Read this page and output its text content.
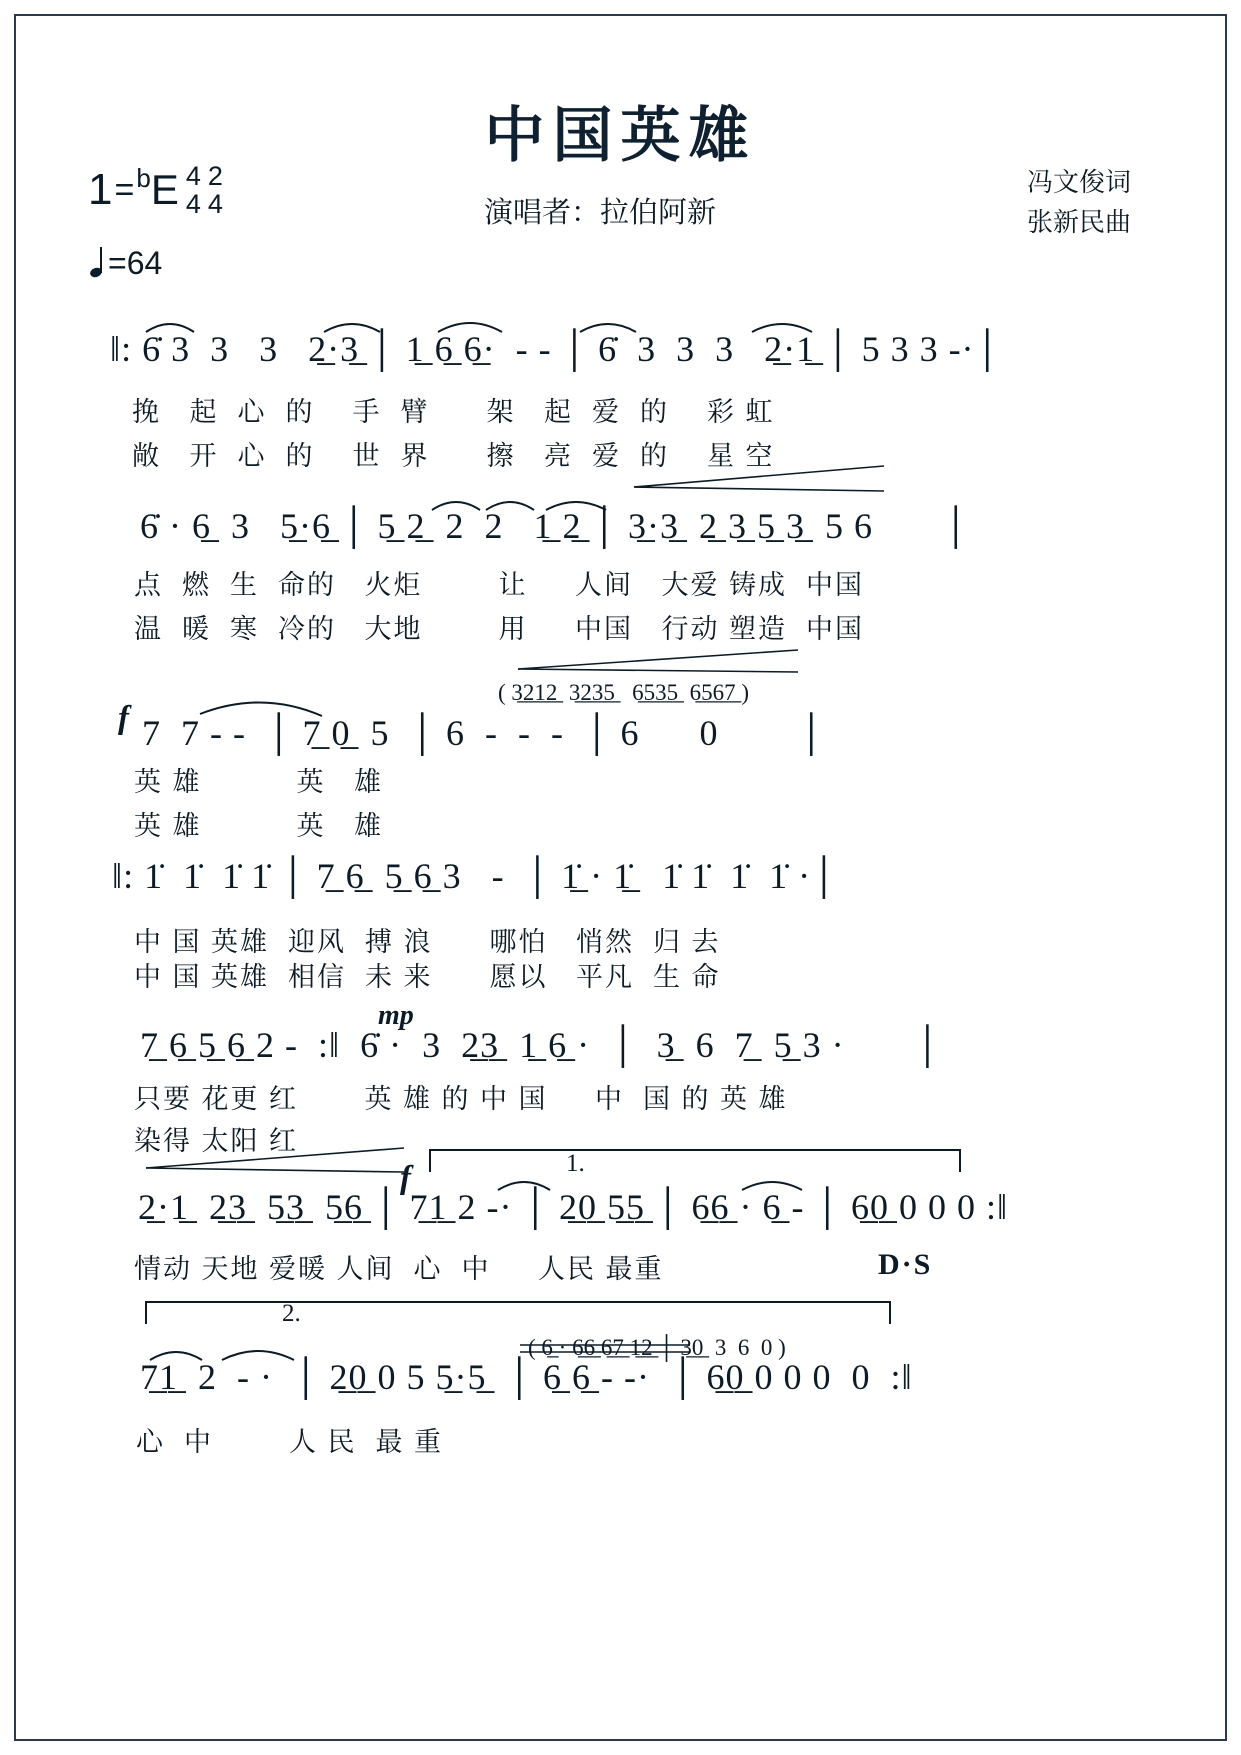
中国英雄
1 = b E 4
4
2
4
=64
演唱者：拉伯阿新
冯文俊词
张新民曲
‖: 6̇ 3  3   3   2̲·3̲ │ 1̲ 6̲ 6̲·  - - │ 6̇  3  3  3   2̲·1̲ │ 5 3 3 -·│
挽   起  心  的    手  臂      架   起  爱  的    彩 虹
敞   开  心  的    世  界      擦   亮  爱  的    星 空
6̇ · 6̲  3   5̲·6̲ │ 5̲ 2̲  2  2   1̲ 2̲ │ 3̲·3̲  2̲ 3̲ 5̲ 3̲  5 6       │
点  燃  生  命的   火炬        让     人间   大爱 铸成  中国
温  暖  寒  冷的   大地        用     中国   行动 塑造  中国
( 3̲2̲1̲2̲  3̲2̲3̲5̲   6̲5̲3̲5̲  6̲5̲6̲7̲ )
f 7  7 - -  │ 7̲ 0̲  5  │ 6  -  -  -  │ 6      0        │
英 雄          英   雄
英 雄          英   雄
‖: 1̇  1̇  1̇ 1̇ │ 7̲ 6̲  5̲ 6̲ 3   -  │ 1̲̇ · 1̲̇   1̇ 1̇  1̇  1̇ ·│
中 国 英雄  迎风  搏 浪      哪怕   悄然  归 去
中 国 英雄  相信  未 来      愿以   平凡  生 命
mp
7̲ 6̲ 5̲ 6̲ 2 -  :‖  6̇ ·  3  2̲3̲  1̲ 6̲ ·  │  3̲  6  7̲  5̲ 3 ·       │
只要 花更 红       英 雄 的 中 国     中  国 的 英 雄
染得 太阳 红
f	1.
2̲·1̲  2̲3̲  5̲3̲  5̲6̲ │ 7̲1̲ 2 -· │ 2̲0̲ 5̲5̲ │ 6̲6̲ · 6̲ - │ 6̲0̲ 0 0 0 :‖
情动 天地 爱暖 人间  心  中     人民 最重	D·S
2.
( 6̲ · 6̲6̲ 6̲7̲ 1̲2̲ │ 3̲0̲  3  6  0 )
7̲1̲  2  - ·  │ 2̲0̲ 0 5 5̲·5̲  │ 6̲ 6̲ - -·  │ 6̲0̲ 0 0 0  0  :‖
心  中        人 民  最 重
